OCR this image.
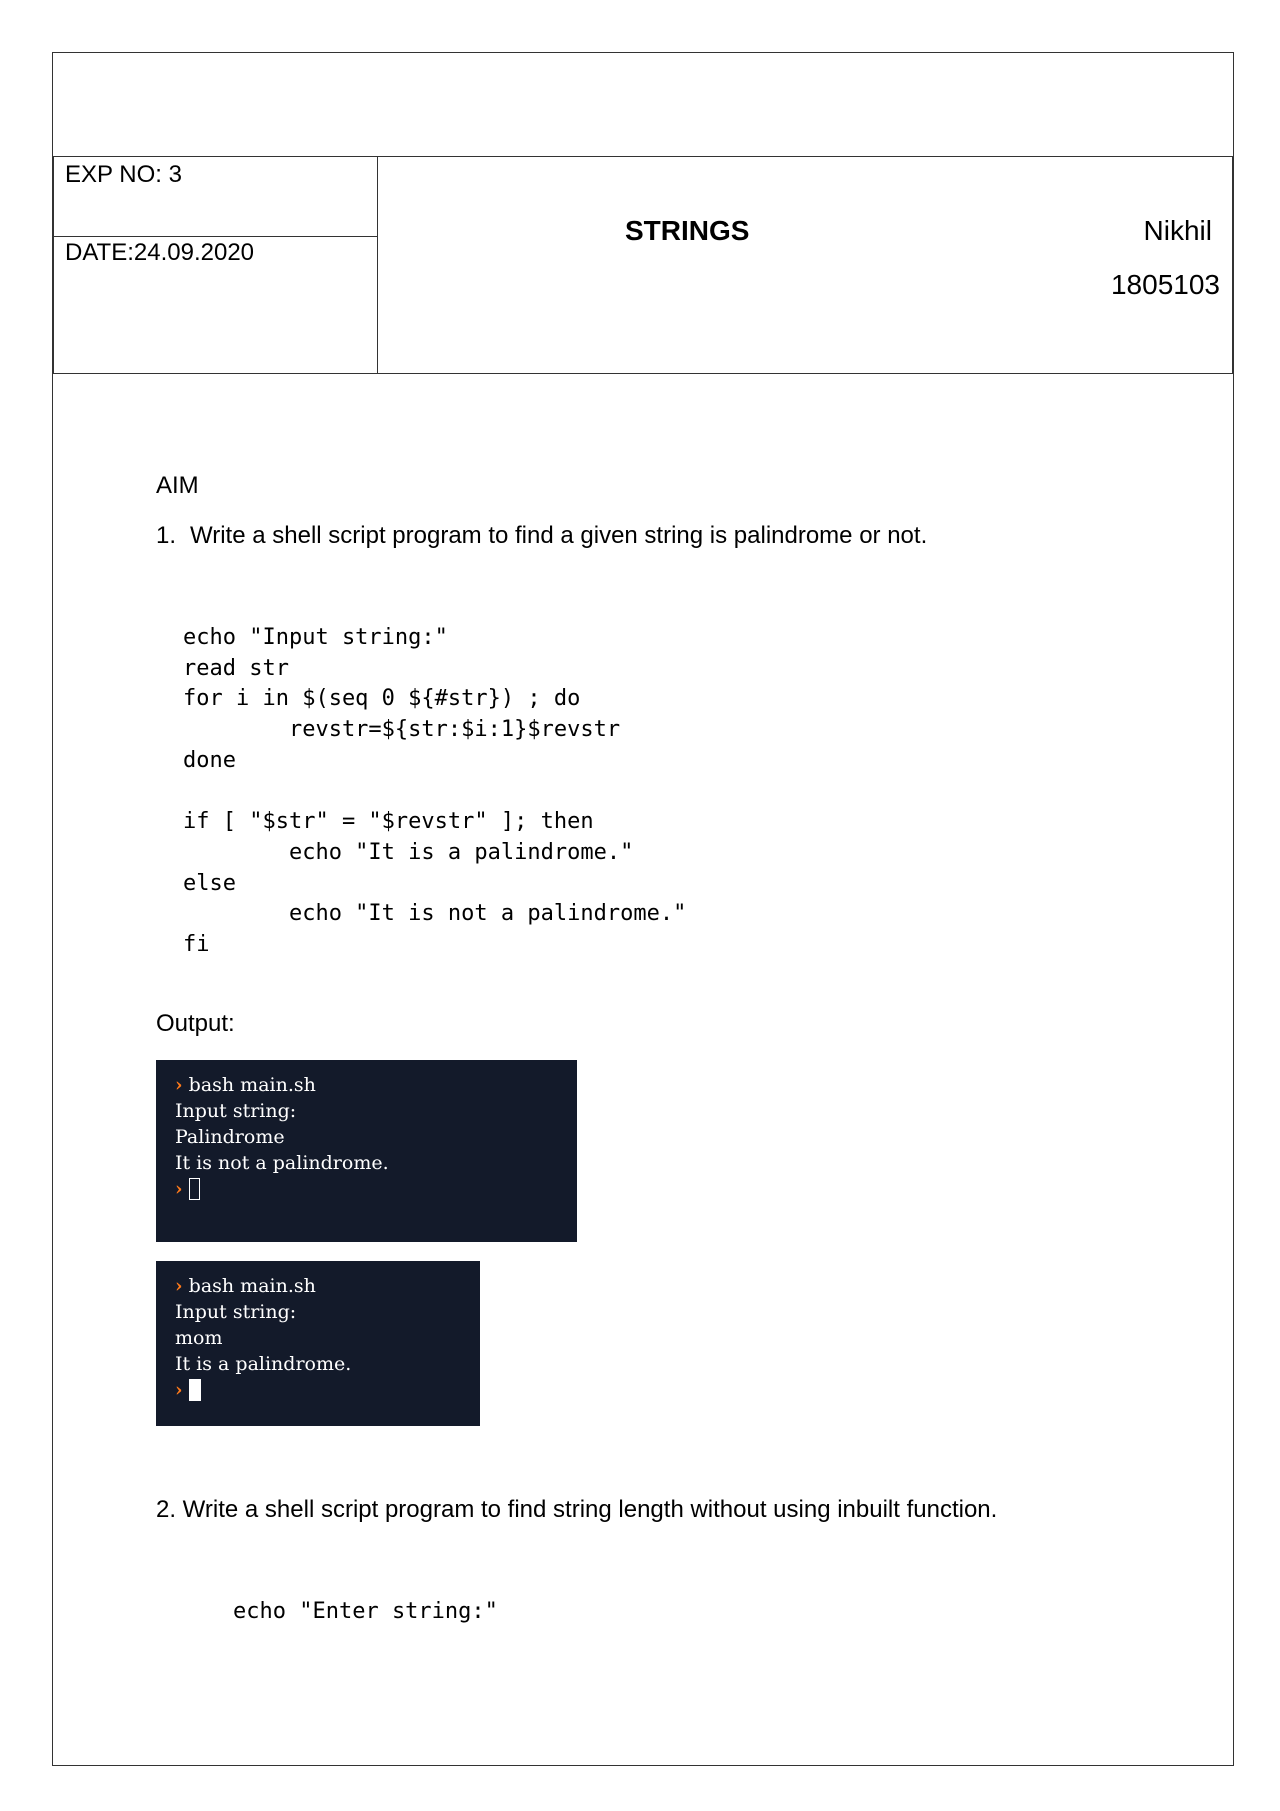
EXP NO: 3
DATE:24.09.2020
STRINGS	Nikhil
1805103
AIM
1. Write a shell script program to find a given string is palindrome or not.
echo "Input string:"
read str
for i in $(seq 0 ${#str}) ; do
revstr=${str:$i:1}$revstr
done

if [ "$str" = "$revstr" ]; then
echo "It is a palindrome."
else
echo "It is not a palindrome."
fi
Output:
› bash main.sh
Input string:
Palindrome
It is not a palindrome.
›
› bash main.sh
Input string:
mom
It is a palindrome.
›
2. Write a shell script program to find string length without using inbuilt function.
echo "Enter string:"
